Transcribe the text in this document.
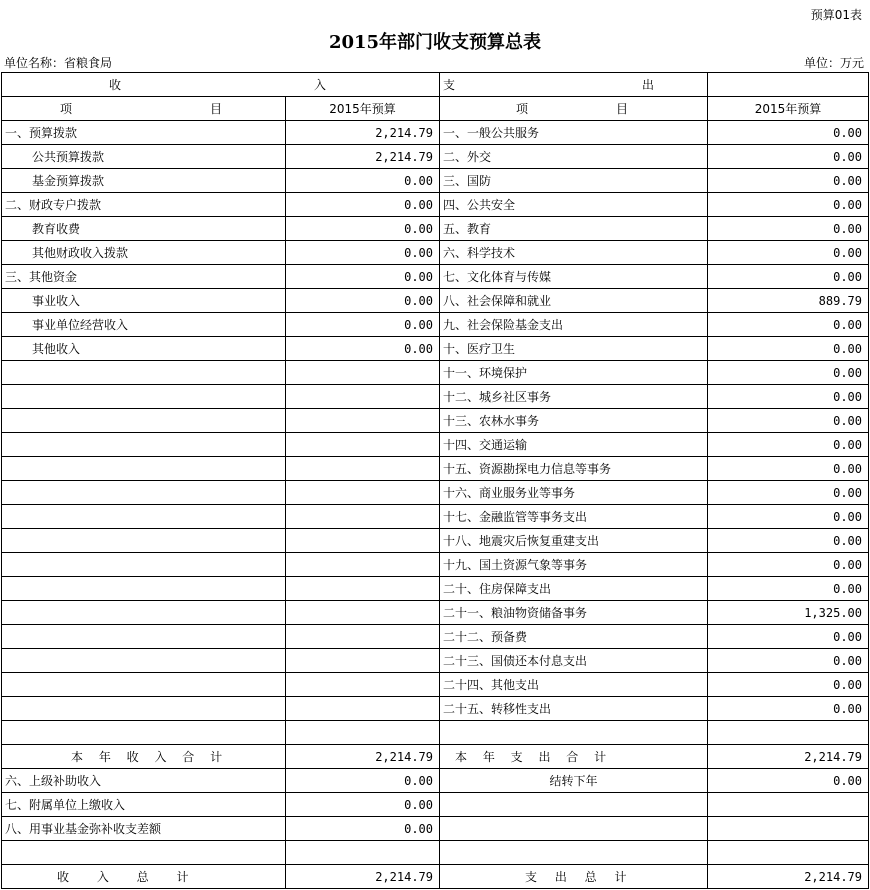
预算01表
2015年部门收支预算总表
单位名称：省粮食局	单位：万元
收 入		支 出	

项 目	2015年预算	项 目	2015年预算
一、预算拨款	2,214.79	一、一般公共服务	0.00
公共预算拨款	2,214.79	二、外交	0.00
基金预算拨款	0.00	三、国防	0.00
二、财政专户拨款	0.00	四、公共安全	0.00
教育收费	0.00	五、教育	0.00
其他财政收入拨款	0.00	六、科学技术	0.00
三、其他资金	0.00	七、文化体育与传媒	0.00
事业收入	0.00	八、社会保障和就业	889.79
事业单位经营收入	0.00	九、社会保险基金支出	0.00
其他收入	0.00	十、医疗卫生	0.00
		十一、环境保护	0.00
		十二、城乡社区事务	0.00
		十三、农林水事务	0.00
		十四、交通运输	0.00
		十五、资源勘探电力信息等事务	0.00
		十六、商业服务业等事务	0.00
		十七、金融监管等事务支出	0.00
		十八、地震灾后恢复重建支出	0.00
		十九、国土资源气象等事务	0.00
		二十、住房保障支出	0.00
		二十一、粮油物资储备事务	1,325.00
		二十二、预备费	0.00
		二十三、国债还本付息支出	0.00
		二十四、其他支出	0.00
		二十五、转移性支出	0.00

本 年 收 入 合 计	2,214.79	本 年 支 出 合 计	2,214.79
六、上级补助收入	0.00	结转下年	0.00
七、附属单位上缴收入	0.00		
八、用事业基金弥补收支差额	0.00		

收 入 总 计	2,214.79	支 出 总 计	2,214.79
